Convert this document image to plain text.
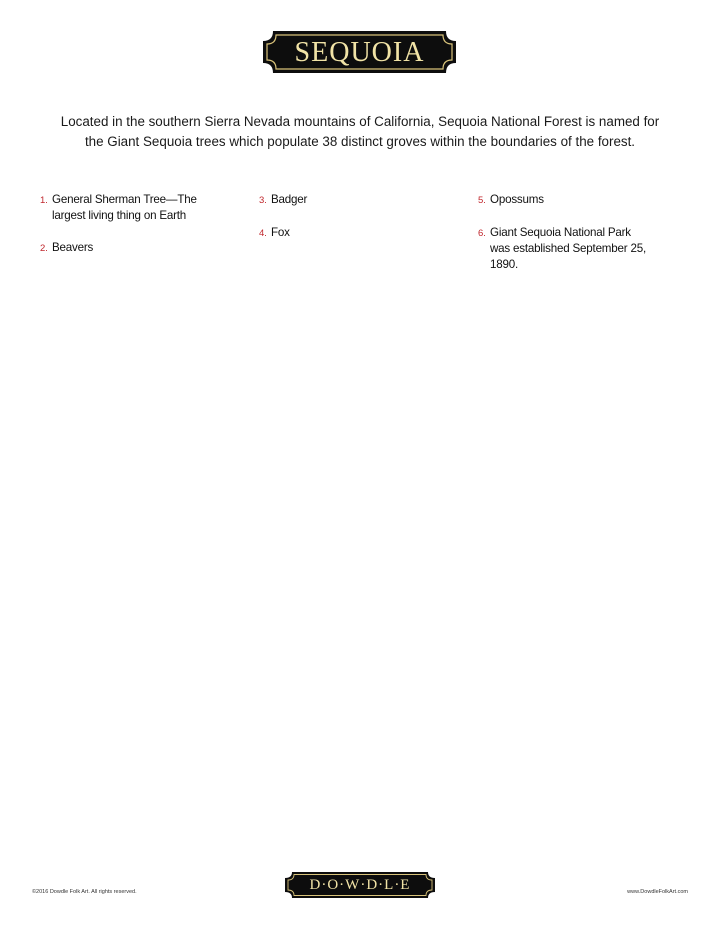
SEQUOIA
Located in the southern Sierra Nevada mountains of California, Sequoia National Forest is named for the Giant Sequoia trees which populate 38 distinct groves within the boundaries of the forest.
1. General Sherman Tree—The largest living thing on Earth
2. Beavers
3. Badger
4. Fox
5. Opossums
6. Giant Sequoia National Park was established September 25, 1890.
©2016 Dowdle Folk Art. All rights reserved.	D·O·W·D·L·E	www.DowdleFolkArt.com
